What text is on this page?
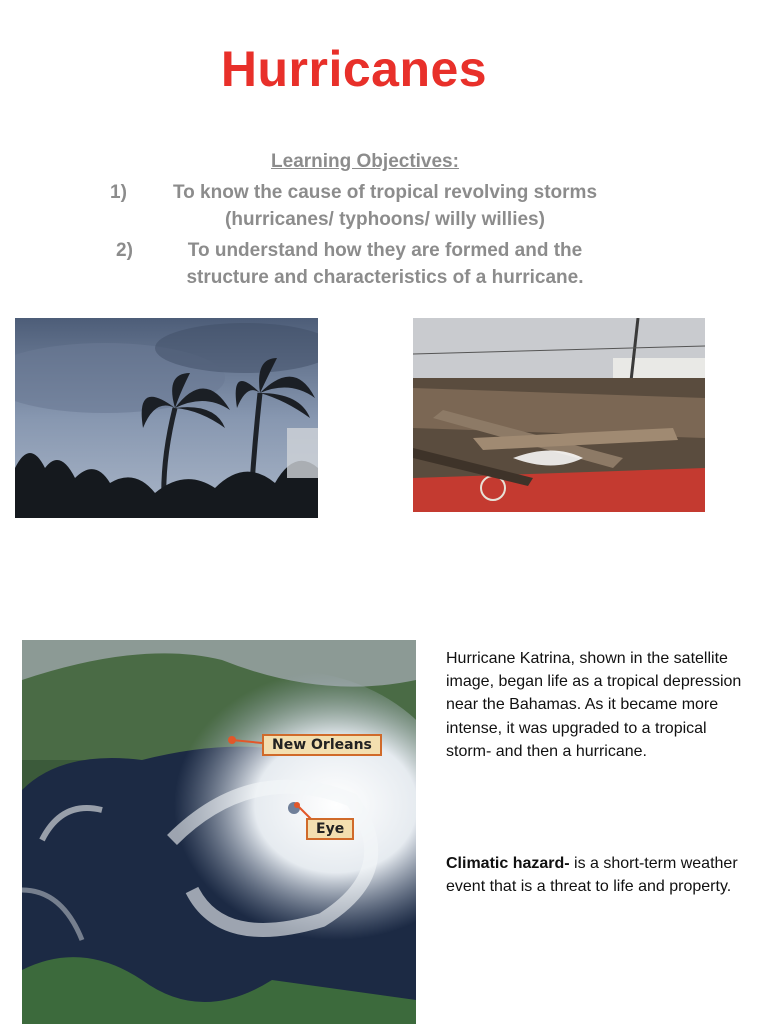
Hurricanes
Learning Objectives:
1)	To know the cause of tropical revolving storms
(hurricanes/ typhoons/ willy willies)
2)	To understand how they are formed and the
structure and characteristics of a hurricane.
New Orleans
Eye
Hurricane Katrina, shown in the satellite image, began life as a tropical depression near the Bahamas. As it became more intense, it was upgraded to a tropical storm- and then a hurricane.
Climatic hazard- is a short-term weather event that is a threat to life and property.
